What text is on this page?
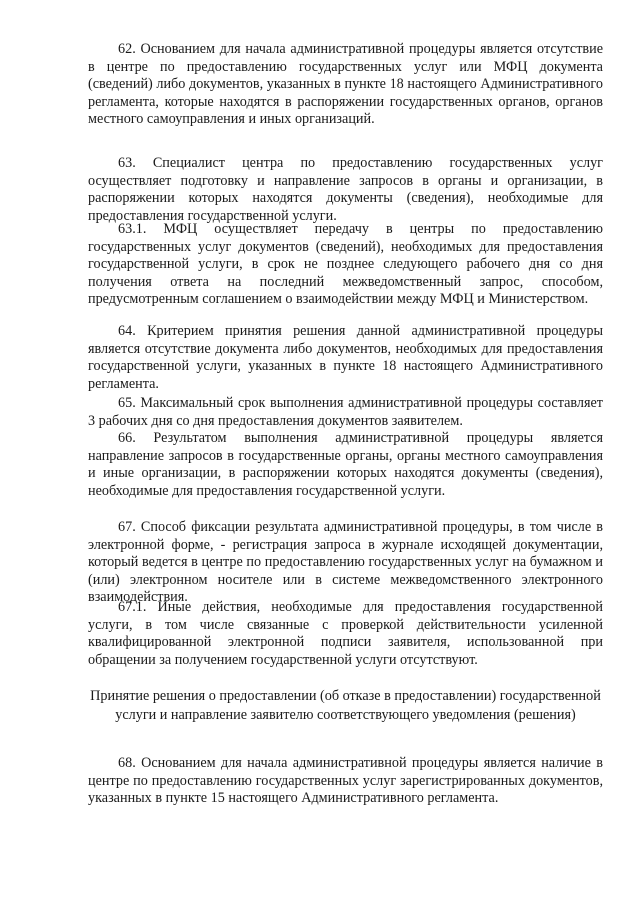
62. Основанием для начала административной процедуры является отсутствие в центре по предоставлению государственных услуг или МФЦ документа (сведений) либо документов, указанных в пункте 18 настоящего Административного регламента, которые находятся в распоряжении государственных органов, органов местного самоуправления и иных организаций.

63. Специалист центра по предоставлению государственных услуг осуществляет подготовку и направление запросов в органы и организации, в распоряжении которых находятся документы (сведения), необходимые для предоставления государственной услуги.

63.1. МФЦ осуществляет передачу в центры по предоставлению государственных услуг документов (сведений), необходимых для предоставления государственной услуги, в срок не позднее следующего рабочего дня со дня получения ответа на последний межведомственный запрос, способом, предусмотренным соглашением о взаимодействии между МФЦ и Министерством.

64. Критерием принятия решения данной административной процедуры является отсутствие документа либо документов, необходимых для предоставления государственной услуги, указанных в пункте 18 настоящего Административного регламента.

65. Максимальный срок выполнения административной процедуры составляет 3 рабочих дня со дня предоставления документов заявителем.

66. Результатом выполнения административной процедуры является направление запросов в государственные органы, органы местного самоуправления и иные организации, в распоряжении которых находятся документы (сведения), необходимые для предоставления государственной услуги.

67. Способ фиксации результата административной процедуры, в том числе в электронной форме, - регистрация запроса в журнале исходящей документации, который ведется в центре по предоставлению государственных услуг на бумажном и (или) электронном носителе или в системе межведомственного электронного взаимодействия.

67.1. Иные действия, необходимые для предоставления государственной услуги, в том числе связанные с проверкой действительности усиленной квалифицированной электронной подписи заявителя, использованной при обращении за получением государственной услуги отсутствуют.

Принятие решения о предоставлении (об отказе в предоставлении) государственной услуги и направление заявителю соответствующего уведомления (решения)

68. Основанием для начала административной процедуры является наличие в центре по предоставлению государственных услуг зарегистрированных документов, указанных в пункте 15 настоящего Административного регламента.
